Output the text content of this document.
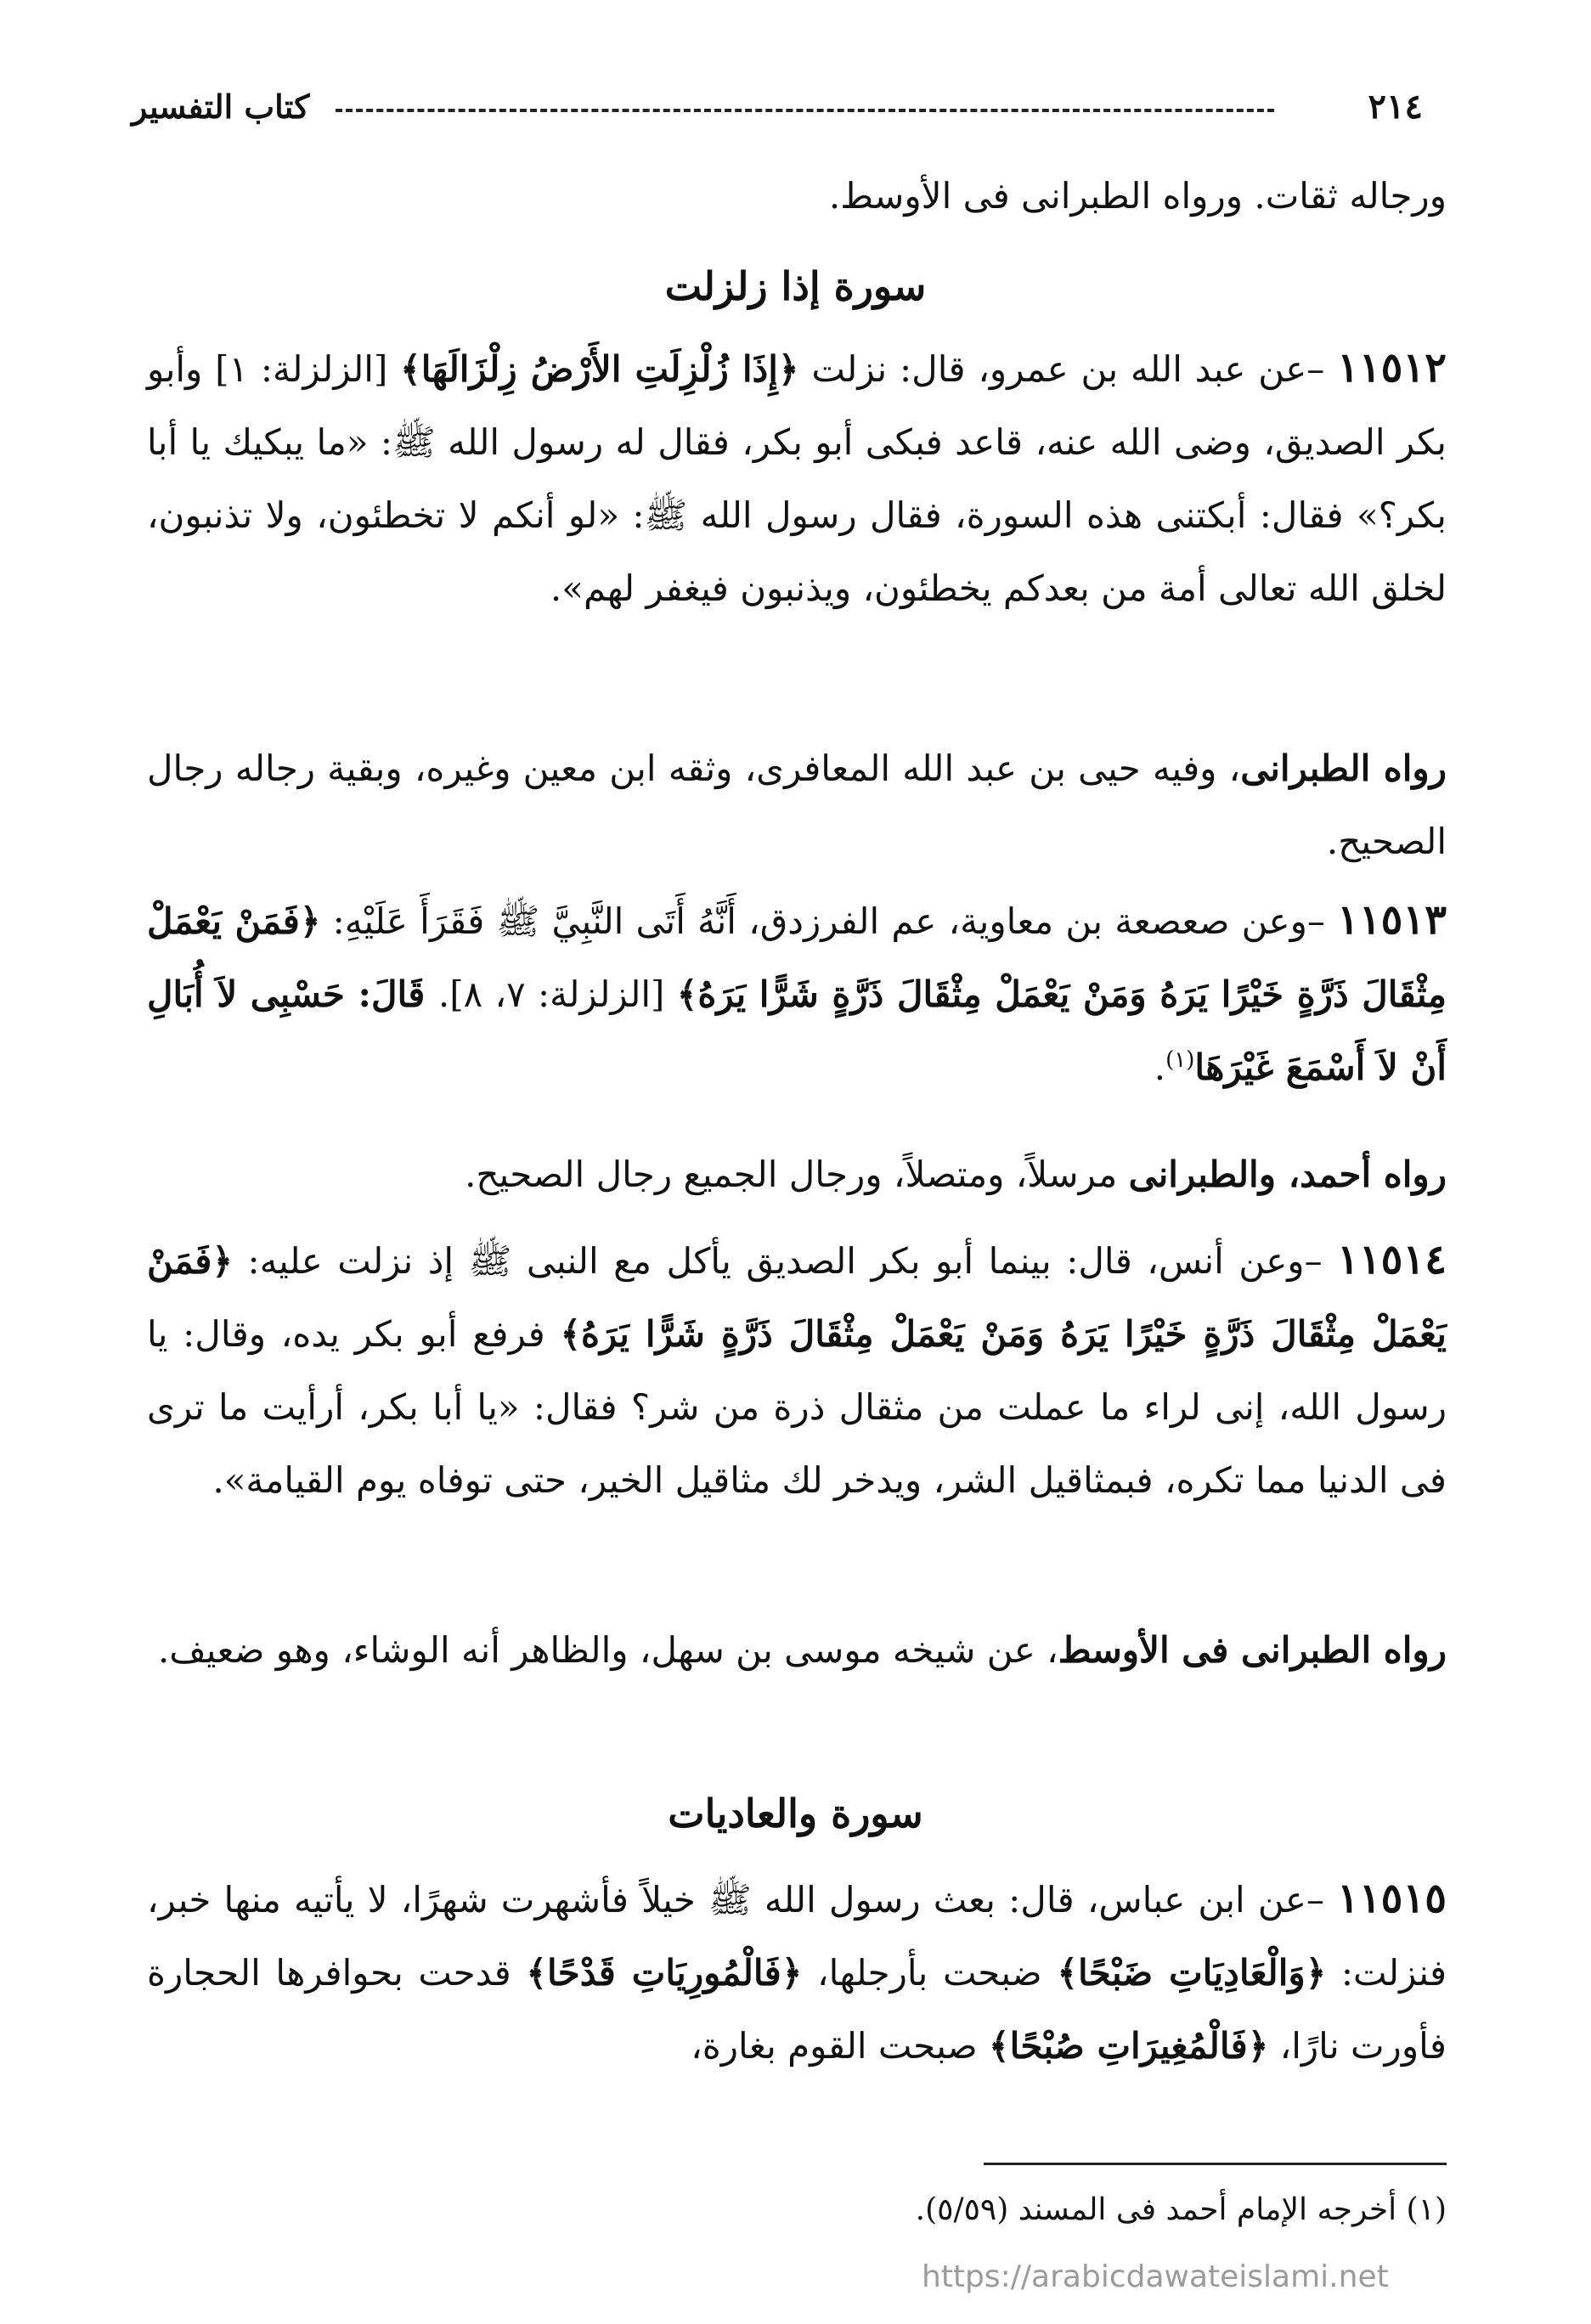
٢١٤
كتاب التفسير
ورجاله ثقات. ورواه الطبرانى فى الأوسط.
سورة إذا زلزلت
١١٥١٢ –عن عبد الله بن عمرو، قال: نزلت ﴿إِذَا زُلْزِلَتِ الأَرْضُ زِلْزَالَهَا﴾ [الزلزلة: ١] وأبو بكر الصديق، وضى الله عنه، قاعد فبكى أبو بكر، فقال له رسول الله ﷺ: «ما يبكيك يا أبا بكر؟» فقال: أبكتنى هذه السورة، فقال رسول الله ﷺ: «لو أنكم لا تخطئون، ولا تذنبون، لخلق الله تعالى أمة من بعدكم يخطئون، ويذنبون فيغفر لهم».
رواه الطبرانى، وفيه حيى بن عبد الله المعافرى، وثقه ابن معين وغيره، وبقية رجاله رجال الصحيح.
١١٥١٣ –وعن صعصعة بن معاوية، عم الفرزدق، أَنَّهُ أَتَى النَّبِيَّ ﷺ فَقَرَأَ عَلَيْهِ: ﴿فَمَنْ يَعْمَلْ مِثْقَالَ ذَرَّةٍ خَيْرًا يَرَهُ وَمَنْ يَعْمَلْ مِثْقَالَ ذَرَّةٍ شَرًّا يَرَهُ﴾ [الزلزلة: ٧، ٨]. قَالَ: حَسْبِى لاَ أُبَالِ أَنْ لاَ أَسْمَعَ غَيْرَهَا$^{(١)}$.
رواه أحمد، والطبرانى مرسلاً، ومتصلاً، ورجال الجميع رجال الصحيح.
١١٥١٤ –وعن أنس، قال: بينما أبو بكر الصديق يأكل مع النبى ﷺ إذ نزلت عليه: ﴿فَمَنْ يَعْمَلْ مِثْقَالَ ذَرَّةٍ خَيْرًا يَرَهُ وَمَنْ يَعْمَلْ مِثْقَالَ ذَرَّةٍ شَرًّا يَرَهُ﴾ فرفع أبو بكر يده، وقال: يا رسول الله، إنى لراء ما عملت من مثقال ذرة من شر؟ فقال: «يا أبا بكر، أرأيت ما ترى فى الدنيا مما تكره، فبمثاقيل الشر، ويدخر لك مثاقيل الخير، حتى توفاه يوم القيامة».
رواه الطبرانى فى الأوسط، عن شيخه موسى بن سهل، والظاهر أنه الوشاء، وهو ضعيف.
سورة والعاديات
١١٥١٥ –عن ابن عباس، قال: بعث رسول الله ﷺ خيلاً فأشهرت شهرًا، لا يأتيه منها خبر، فنزلت: ﴿وَالْعَادِيَاتِ ضَبْحًا﴾ ضبحت بأرجلها، ﴿فَالْمُورِيَاتِ قَدْحًا﴾ قدحت بحوافرها الحجارة فأورت نارًا، ﴿فَالْمُغِيرَاتِ صُبْحًا﴾ صبحت القوم بغارة،
(١) أخرجه الإمام أحمد فى المسند (٥/٥٩).
https://arabicdawateislami.net
